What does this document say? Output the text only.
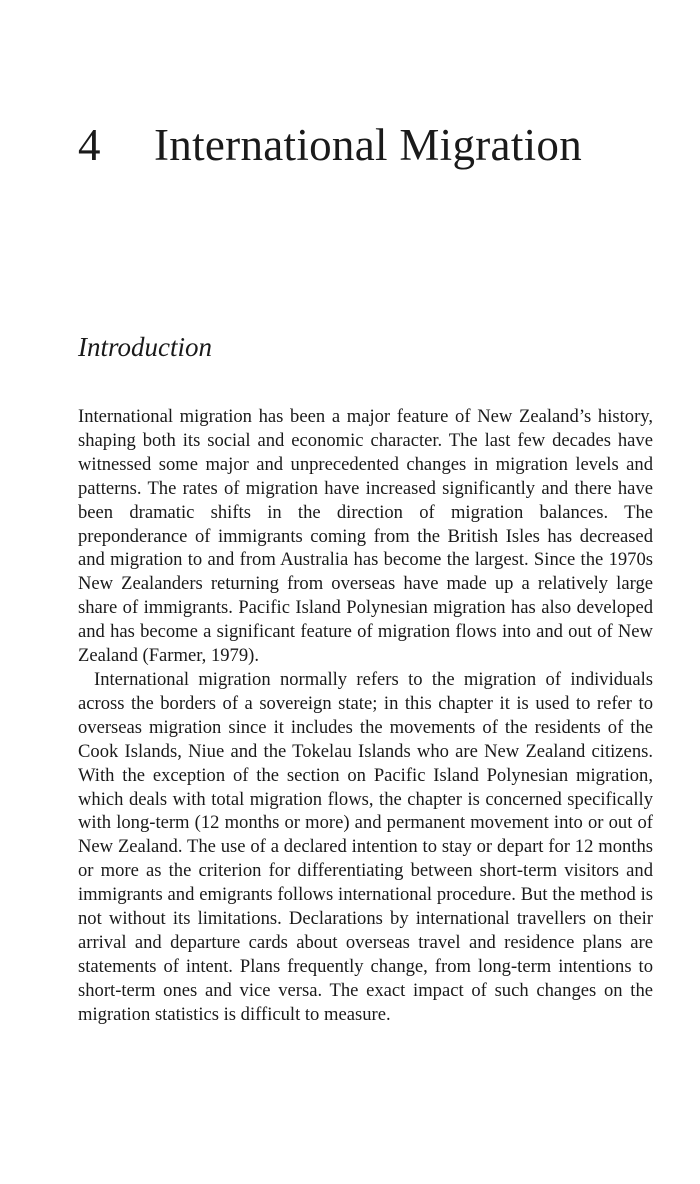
4 International Migration
Introduction

International migration has been a major feature of New Zealand’s history, shaping both its social and economic character. The last few decades have witnessed some major and unprecedented changes in migration levels and patterns. The rates of migration have increased significantly and there have been dramatic shifts in the direction of migration balances. The preponderance of immigrants coming from the British Isles has decreased and migration to and from Australia has become the largest. Since the 1970s New Zealanders returning from overseas have made up a relatively large share of immigrants. Pacific Island Polynesian migration has also developed and has become a significant feature of migration flows into and out of New Zealand (Farmer, 1979).

International migration normally refers to the migration of individuals across the borders of a sovereign state; in this chapter it is used to refer to overseas migration since it includes the movements of the residents of the Cook Islands, Niue and the Tokelau Islands who are New Zealand citizens. With the exception of the section on Pacific Island Polynesian migration, which deals with total migration flows, the chapter is concerned specifically with long-term (12 months or more) and permanent movement into or out of New Zealand. The use of a declared intention to stay or depart for 12 months or more as the criterion for differentiating between short-term visitors and immigrants and emigrants follows international procedure. But the method is not without its limitations. Declarations by international travellers on their arrival and departure cards about overseas travel and residence plans are statements of intent. Plans frequently change, from long-term intentions to short-term ones and vice versa. The exact impact of such changes on the migration statistics is difficult to measure.
